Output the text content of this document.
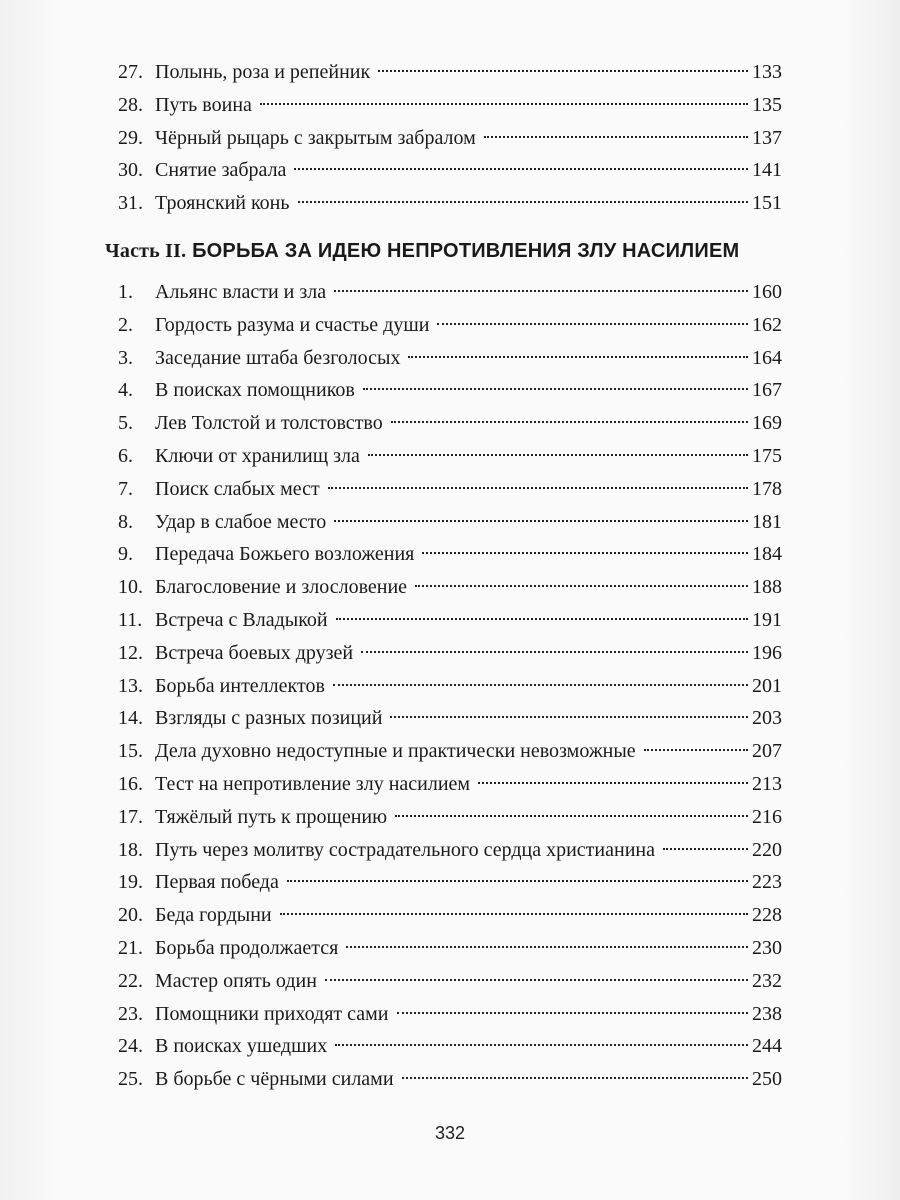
27. Полынь, роза и репейник	133
28. Путь воина	135
29. Чёрный рыцарь с закрытым забралом	137
30. Снятие забрала	141
31. Троянский конь	151
Часть II. БОРЬБА ЗА ИДЕЮ НЕПРОТИВЛЕНИЯ ЗЛУ НАСИЛИЕМ
1.	Альянс власти и зла	160
2.	Гордость разума и счастье души	162
3.	Заседание штаба безголосых	164
4.	В поисках помощников	167
5.	Лев Толстой и толстовство	169
6.	Ключи от хранилищ зла	175
7.	Поиск слабых мест	178
8.	Удар в слабое место	181
9.	Передача Божьего возложения	184
10. Благословение и злословение	188
11. Встреча с Владыкой	191
12. Встреча боевых друзей	196
13. Борьба интеллектов	201
14. Взгляды с разных позиций	203
15. Дела духовно недоступные и практически невозможные	207
16. Тест на непротивление злу насилием	213
17. Тяжёлый путь к прощению	216
18. Путь через молитву сострадательного сердца христианина	220
19. Первая победа	223
20. Беда гордыни	228
21. Борьба продолжается	230
22. Мастер опять один	232
23. Помощники приходят сами	238
24. В поисках ушедших	244
25. В борьбе с чёрными силами	250
332
